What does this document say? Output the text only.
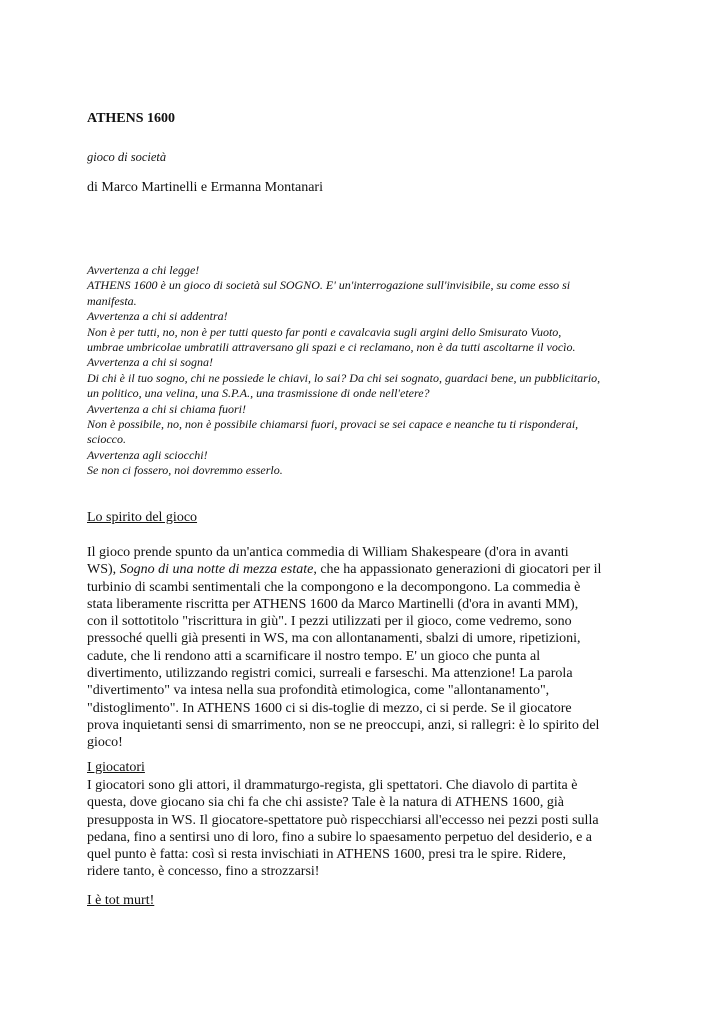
ATHENS 1600

gioco di società

di Marco Martinelli e Ermanna Montanari

Avvertenza a chi legge!

ATHENS 1600 è un gioco di società sul SOGNO. E' un'interrogazione sull'invisibile, su come esso si

manifesta.

Avvertenza a chi si addentra!

Non è per tutti, no, non è per tutti questo far ponti e cavalcavia sugli argini dello Smisurato Vuoto,

umbrae umbricolae umbratili attraversano gli spazi e ci reclamano, non è da tutti ascoltarne il vocìo.

Avvertenza a chi si sogna!

Di chi è il tuo sogno, chi ne possiede le chiavi, lo sai? Da chi sei sognato, guardaci bene, un pubblicitario,

un politico, una velina, una S.P.A., una trasmissione di onde nell'etere?

Avvertenza a chi si chiama fuori!

Non è possibile, no, non è possibile chiamarsi fuori, provaci se sei capace e neanche tu ti risponderai,

sciocco.

Avvertenza agli sciocchi!

Se non ci fossero, noi dovremmo esserlo.

Lo spirito del gioco

Il gioco prende spunto da un'antica commedia di William Shakespeare (d'ora in avanti

WS), Sogno di una notte di mezza estate, che ha appassionato generazioni di giocatori per il

turbinio di scambi sentimentali che la compongono e la decompongono. La commedia è

stata liberamente riscritta per ATHENS 1600 da Marco Martinelli (d'ora in avanti MM),

con il sottotitolo "riscrittura in giù". I pezzi utilizzati per il gioco, come vedremo, sono

pressoché quelli già presenti in WS, ma con allontanamenti, sbalzi di umore, ripetizioni,

cadute, che li rendono atti a scarnificare il nostro tempo. E' un gioco che punta al

divertimento, utilizzando registri comici, surreali e farseschi. Ma attenzione! La parola

"divertimento" va intesa nella sua profondità etimologica, come "allontanamento",

"distoglimento". In ATHENS 1600 ci si dis-toglie di mezzo, ci si perde. Se il giocatore

prova inquietanti sensi di smarrimento, non se ne preoccupi, anzi, si rallegri: è lo spirito del

gioco!

I giocatori

I giocatori sono gli attori, il drammaturgo-regista, gli spettatori. Che diavolo di partita è

questa, dove giocano sia chi fa che chi assiste? Tale è la natura di ATHENS 1600, già

presupposta in WS. Il giocatore-spettatore può rispecchiarsi all'eccesso nei pezzi posti sulla

pedana, fino a sentirsi uno di loro, fino a subire lo spaesamento perpetuo del desiderio, e a

quel punto è fatta: così si resta invischiati in ATHENS 1600, presi tra le spire. Ridere,

ridere tanto, è concesso, fino a strozzarsi!

I è tot murt!
